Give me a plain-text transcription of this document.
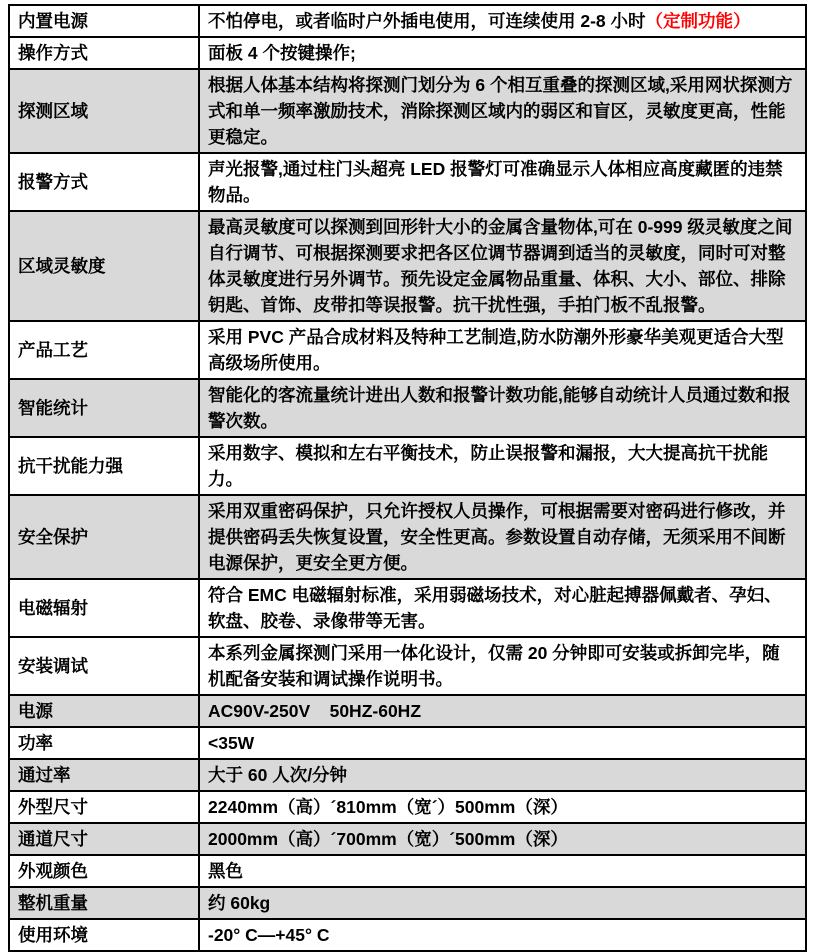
内置电源	不怕停电，或者临时户外插电使用，可连续使用 2-8 小时（定制功能）
操作方式	面板 4 个按键操作;
探测区域	根据人体基本结构将探测门划分为 6 个相互重叠的探测区域,采用网状探测方式和单一频率激励技术，消除探测区域内的弱区和盲区，灵敏度更高，性能更稳定。
报警方式	声光报警,通过柱门头超亮 LED 报警灯可准确显示人体相应高度藏匿的违禁物品。
区域灵敏度	最高灵敏度可以探测到回形针大小的金属含量物体,可在 0-999 级灵敏度之间自行调节、可根据探测要求把各区位调节器调到适当的灵敏度，同时可对整体灵敏度进行另外调节。预先设定金属物品重量、体积、大小、部位、排除钥匙、首饰、皮带扣等误报警。抗干扰性强，手拍门板不乱报警。
产品工艺	采用 PVC 产品合成材料及特种工艺制造,防水防潮外形豪华美观更适合大型高级场所使用。
智能统计	智能化的客流量统计进出人数和报警计数功能,能够自动统计人员通过数和报警次数。
抗干扰能力强	采用数字、模拟和左右平衡技术，防止误报警和漏报，大大提高抗干扰能力。
安全保护	采用双重密码保护，只允许授权人员操作，可根据需要对密码进行修改，并提供密码丢失恢复设置，安全性更高。参数设置自动存储，无须采用不间断电源保护，更安全更方便。
电磁辐射	符合 EMC 电磁辐射标准，采用弱磁场技术，对心脏起搏器佩戴者、孕妇、软盘、胶卷、录像带等无害。
安装调试	本系列金属探测门采用一体化设计，仅需 20 分钟即可安装或拆卸完毕，随机配备安装和调试操作说明书。
电源	AC90V-250V    50HZ-60HZ
功率	<35W
通过率	大于 60 人次/分钟
外型尺寸	2240mm（高）´810mm（宽´）500mm（深）
通道尺寸	2000mm（高）´700mm（宽）´500mm（深）
外观颜色	黑色
整机重量	约 60kg
使用环境	-20° C—+45° C
